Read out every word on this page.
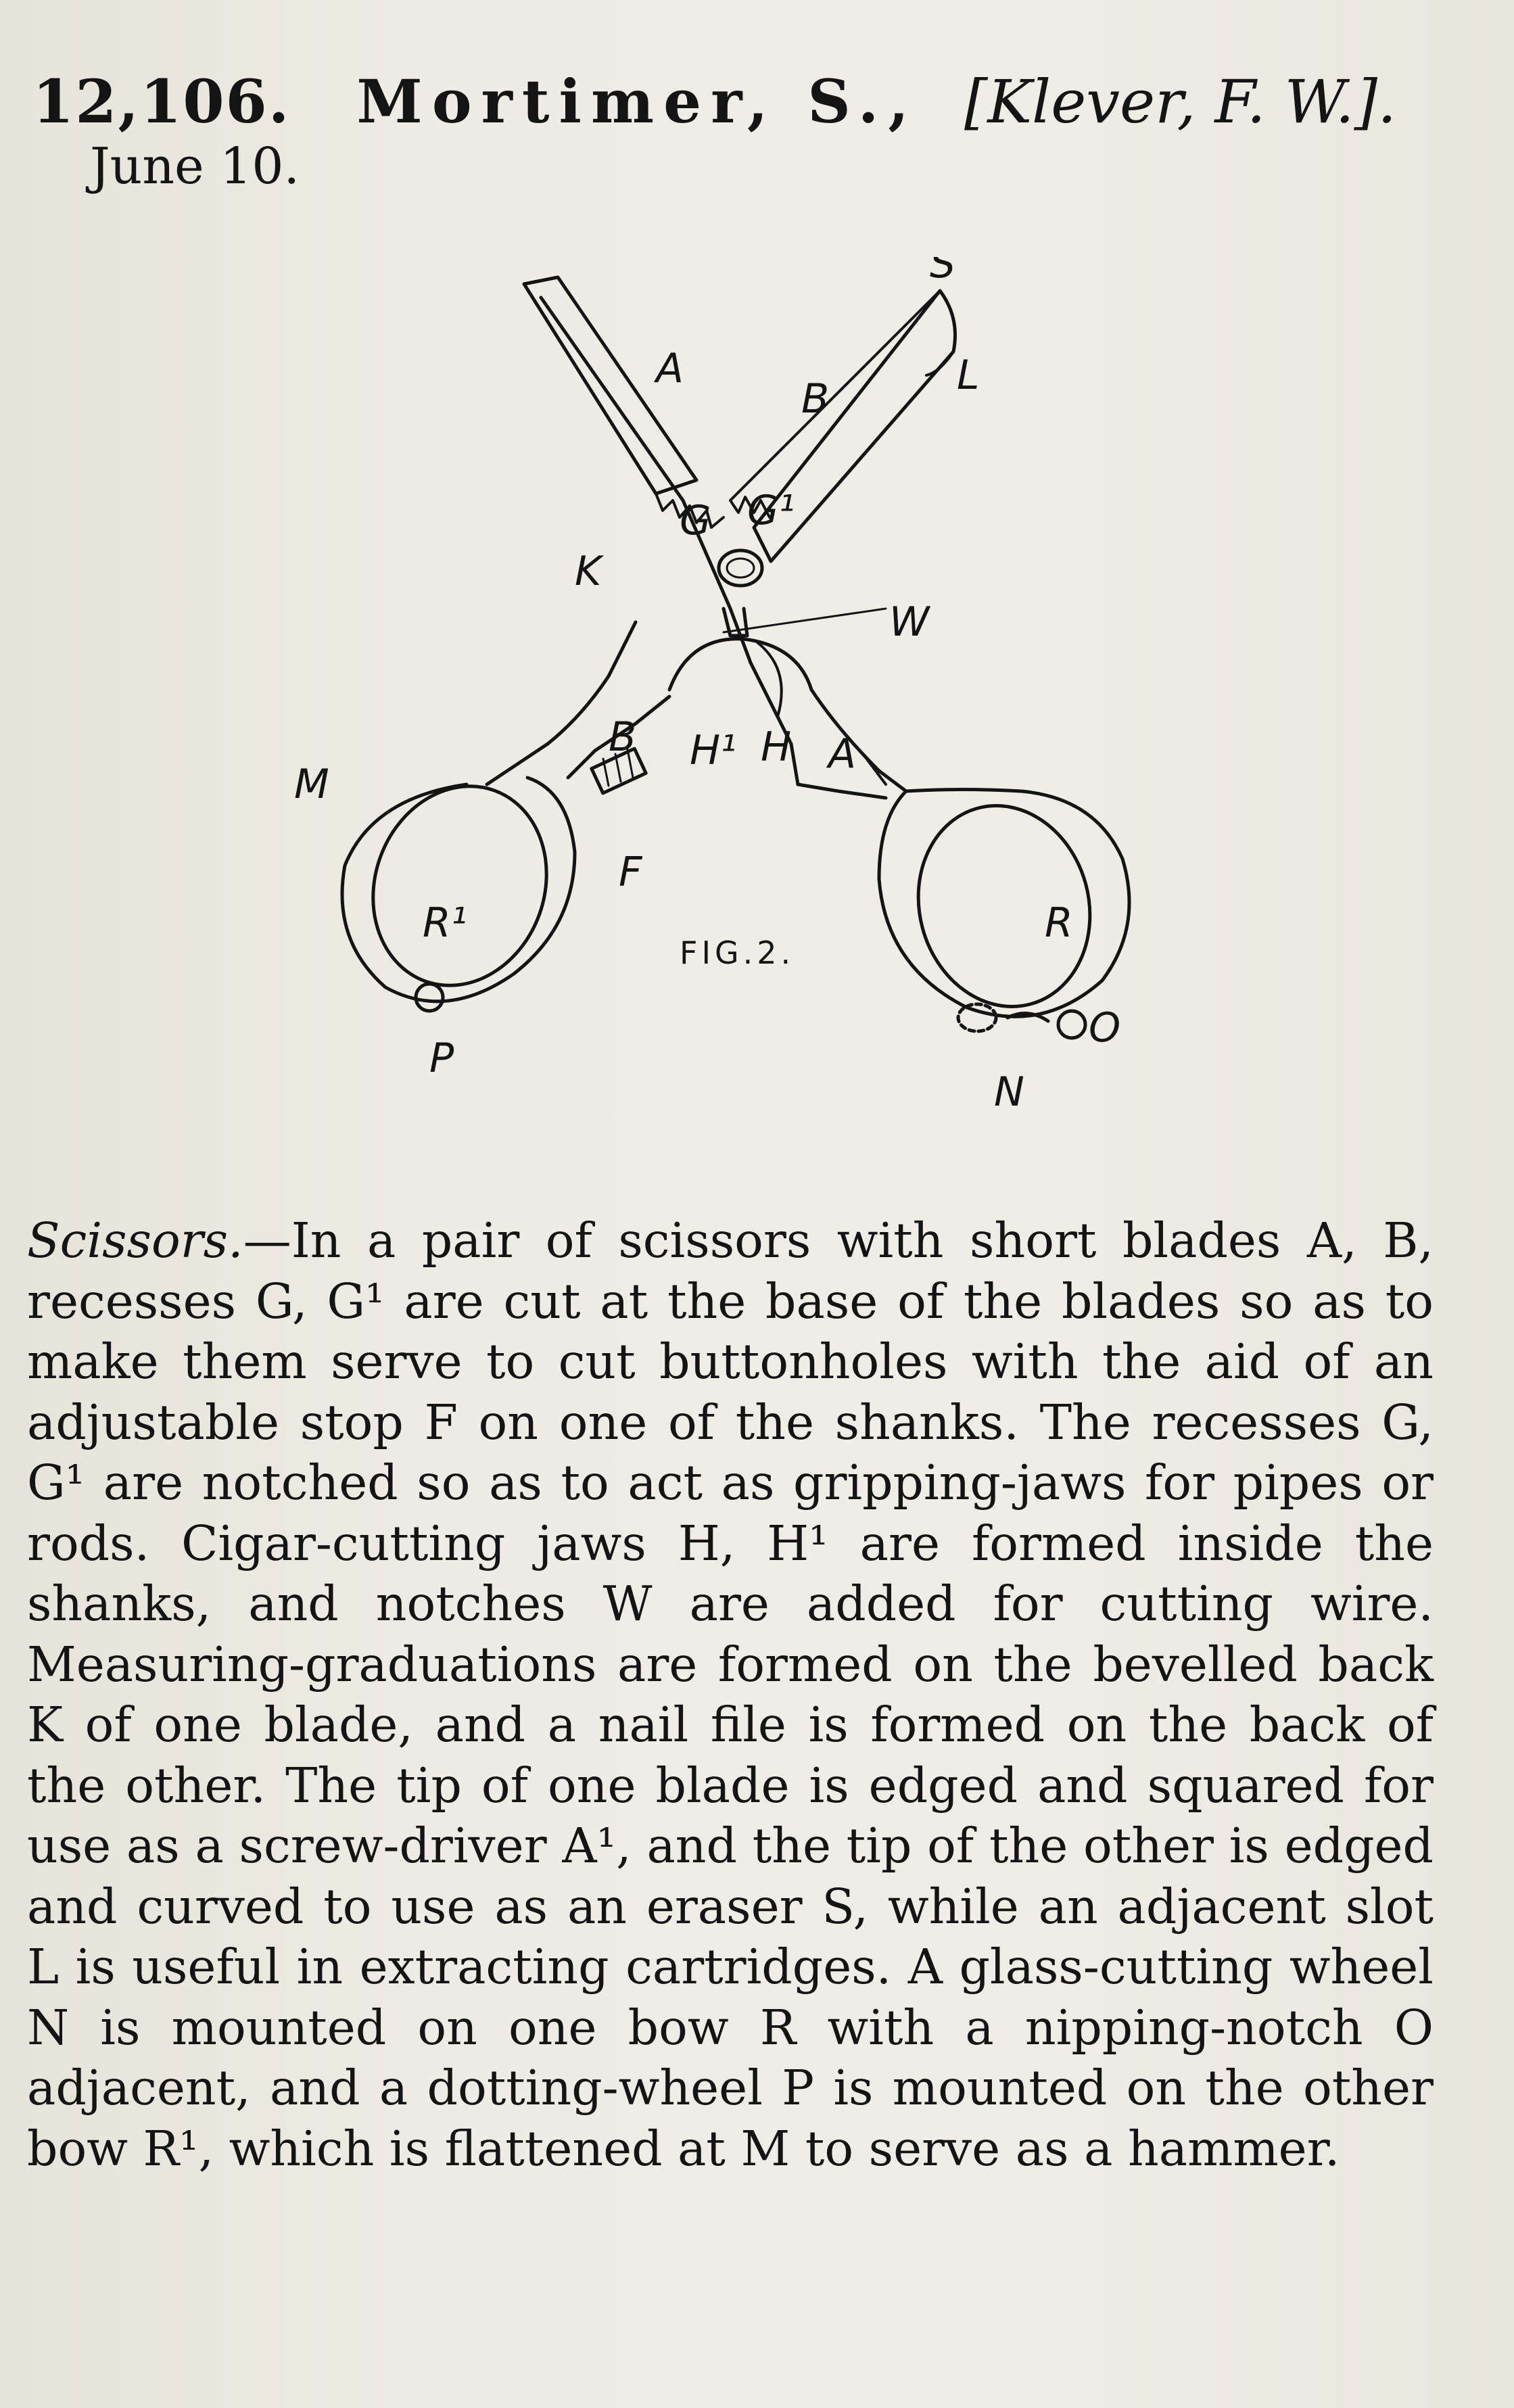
12,106. Mortimer, S., [Klever, F. W.].
June 10.
S
L
A
B
G G¹
K
W
B H¹ H A
M
F
R¹
P
R
N
O
FIG.2.

Scissors.—In a pair of scissors with short blades A, B, recesses G, G¹ are cut at the base of the blades so as to make them serve to cut buttonholes with the aid of an adjustable stop F on one of the shanks. The recesses G, G¹ are notched so as to act as gripping-jaws for pipes or rods. Cigar-cutting jaws H, H¹ are formed inside the shanks, and notches W are added for cutting wire. Measuring-graduations are formed on the bevelled back K of one blade, and a nail file is formed on the back of the other. The tip of one blade is edged and squared for use as a screw-driver A¹, and the tip of the other is edged and curved to use as an eraser S, while an adjacent slot L is useful in extracting cartridges. A glass-cutting wheel N is mounted on one bow R with a nipping-notch O adjacent, and a dotting-wheel P is mounted on the other bow R¹, which is flattened at M to serve as a hammer.
